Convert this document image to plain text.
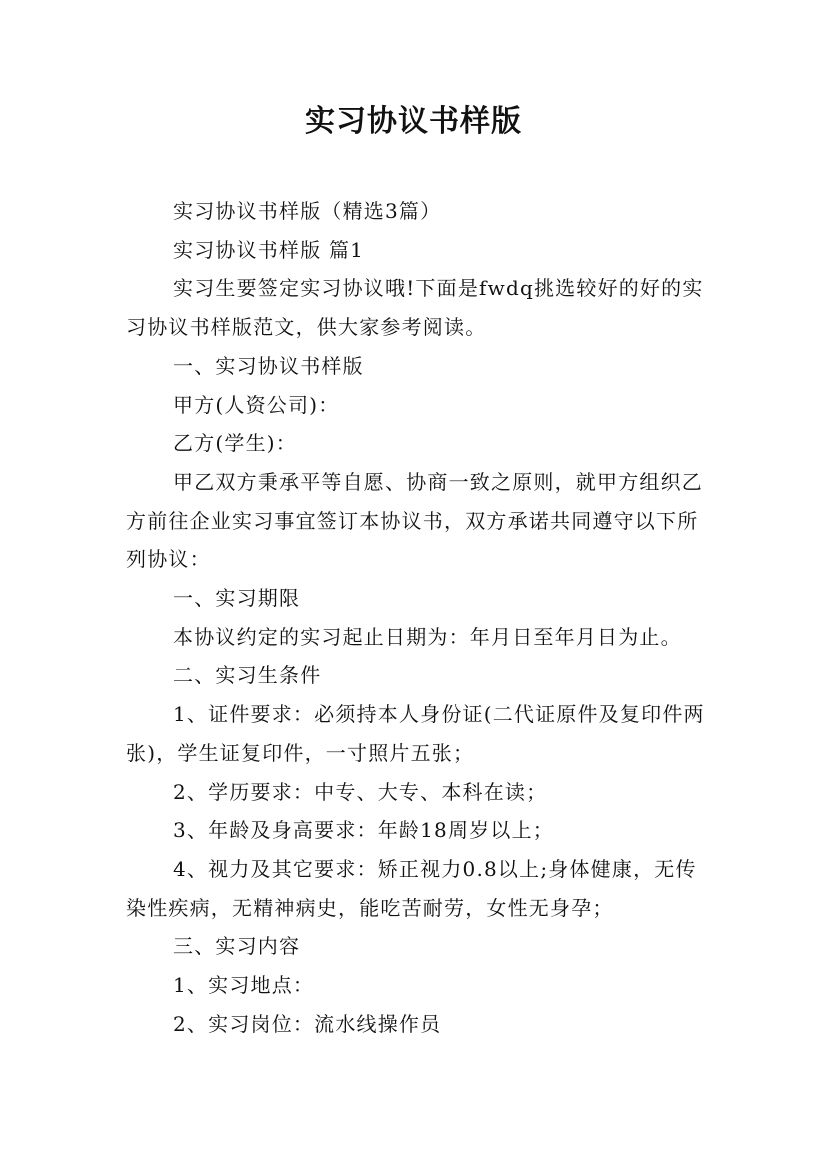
实习协议书样版

实习协议书样版（精选3篇）

实习协议书样版 篇1

实习生要签定实习协议哦!下面是fwdq挑选较好的好的实习协议书样版范文，供大家参考阅读。

一、实习协议书样版

甲方(人资公司)：

乙方(学生)：

甲乙双方秉承平等自愿、协商一致之原则，就甲方组织乙方前往企业实习事宜签订本协议书，双方承诺共同遵守以下所列协议：

一、实习期限

本协议约定的实习起止日期为：年月日至年月日为止。

二、实习生条件

1、证件要求：必须持本人身份证(二代证原件及复印件两张)，学生证复印件，一寸照片五张；

2、学历要求：中专、大专、本科在读；

3、年龄及身高要求：年龄18周岁以上；

4、视力及其它要求：矫正视力0.8以上;身体健康，无传染性疾病，无精神病史，能吃苦耐劳，女性无身孕；

三、实习内容

1、实习地点：

2、实习岗位：流水线操作员
